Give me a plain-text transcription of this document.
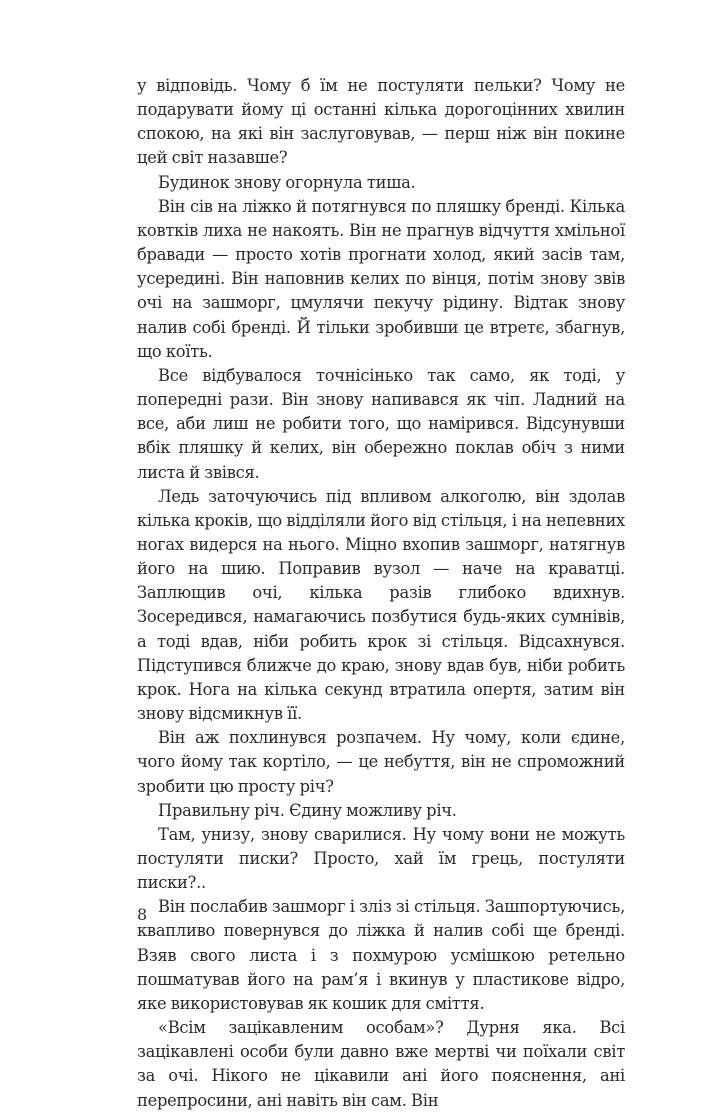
у відповідь. Чому б їм не постуляти пельки? Чому не подарувати йому ці останні кілька дорогоцінних хвилин спокою, на які він заслуговував, — перш ніж він покине цей світ назавше?

Будинок знову огорнула тиша.

Він сів на ліжко й потягнувся по пляшку бренді. Кілька ковтків лиха не накоять. Він не прагнув відчуття хмільної бравади — просто хотів прогнати холод, який засів там, усередині. Він наповнив келих по вінця, потім знову звів очі на зашморг, цмулячи пекучу рідину. Відтак знову налив собі бренді. Й тільки зробивши це втретє, збагнув, що коїть.

Все відбувалося точнісінько так само, як тоді, у попередні рази. Він знову напивався як чіп. Ладний на все, аби лиш не робити того, що намірився. Відсунувши вбік пляшку й келих, він обережно поклав обіч з ними листа й звівся.

Ледь заточуючись під впливом алкоголю, він здолав кілька кроків, що відділяли його від стільця, і на непевних ногах видерся на нього. Міцно вхопив зашморг, натягнув його на шию. Поправив вузол — наче на краватці. Заплющив очі, кілька разів глибоко вдихнув. Зосередився, намагаючись позбутися будь-яких сумнівів, а тоді вдав, ніби робить крок зі стільця. Відсахнувся. Підступився ближче до краю, знову вдав був, ніби робить крок. Нога на кілька секунд втратила опертя, затим він знову відсмикнув її.

Він аж похлинувся розпачем. Ну чому, коли єдине, чого йому так кортіло, — це небуття, він не спроможний зробити цю просту річ?

Правильну річ. Єдину можливу річ.

Там, унизу, знову сварилися. Ну чому вони не можуть постуляти писки? Просто, хай їм грець, постуляти писки?..

Він послабив зашморг і зліз зі стільця. Зашпортуючись, квапливо повернувся до ліжка й налив собі ще бренді. Взяв свого листа і з похмурою усмішкою ретельно пошматував його на рам’я і вкинув у пластикове відро, яке використовував як кошик для сміття.

«Всім зацікавленим особам»? Дурня яка. Всі зацікавлені особи були давно вже мертві чи поїхали світ за очі. Нікого не цікавили ані його пояснення, ані перепросини, ані навіть він сам. Він

8
